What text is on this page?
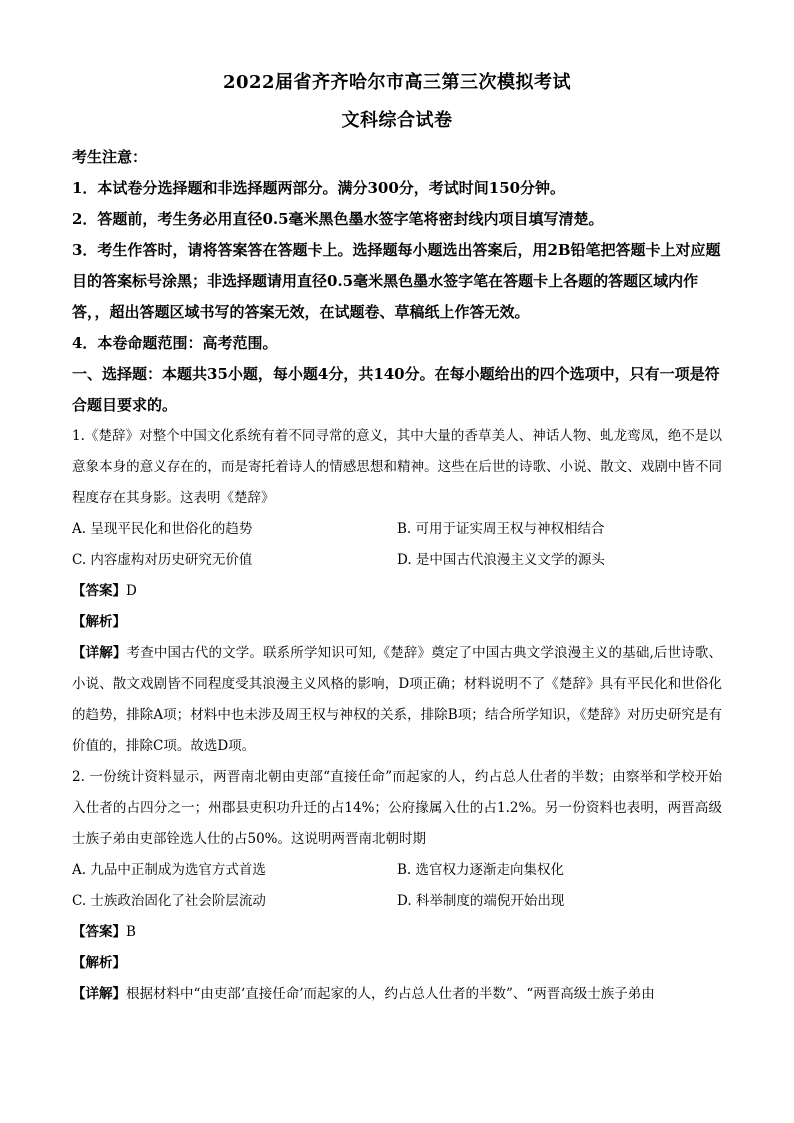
2022届省齐齐哈尔市高三第三次模拟考试
文科综合试卷

考生注意：

1．本试卷分选择题和非选择题两部分。满分300分，考试时间150分钟。

2．答题前，考生务必用直径0.5毫米黑色墨水签字笔将密封线内项目填写清楚。

3．考生作答时，请将答案答在答题卡上。选择题每小题选出答案后，用2B铅笔把答题卡上对应题目的答案标号涂黑；非选择题请用直径0.5毫米黑色墨水签字笔在答题卡上各题的答题区域内作答，，超出答题区域书写的答案无效，在试题卷、草稿纸上作答无效。

4．本卷命题范围：高考范围。

一、选择题：本题共35小题，每小题4分，共140分。在每小题给出的四个选项中，只有一项是符合题目要求的。

1.《楚辞》对整个中国文化系统有着不同寻常的意义，其中大量的香草美人、神话人物、虬龙鸾凤，绝不是以意象本身的意义存在的，而是寄托着诗人的情感思想和精神。这些在后世的诗歌、小说、散文、戏剧中皆不同程度存在其身影。这表明《楚辞》

A. 呈现平民化和世俗化的趋势	B. 可用于证实周王权与神权相结合
C. 内容虚构对历史研究无价值	D. 是中国古代浪漫主义文学的源头

【答案】D

【解析】

【详解】考查中国古代的文学。联系所学知识可知,《楚辞》奠定了中国古典文学浪漫主义的基础,后世诗歌、小说、散文戏剧皆不同程度受其浪漫主义风格的影响，D项正确；材料说明不了《楚辞》具有平民化和世俗化的趋势，排除A项；材料中也未涉及周王权与神权的关系，排除B项；结合所学知识，《楚辞》对历史研究是有价值的，排除C项。故选D项。

2. 一份统计资料显示，两晋南北朝由吏部“直接任命”而起家的人，约占总人仕者的半数；由察举和学校开始入仕者的占四分之一；州郡县吏积功升迁的占14%；公府掾属入仕的占1.2%。另一份资料也表明，两晋高级士族子弟由吏部铨选人仕的占50%。这说明两晋南北朝时期

A. 九品中正制成为选官方式首选	B. 选官权力逐渐走向集权化
C. 士族政治固化了社会阶层流动	D. 科举制度的端倪开始出现

【答案】B

【解析】

【详解】根据材料中“由吏部‘直接任命’而起家的人，约占总人仕者的半数”、“两晋高级士族子弟由
